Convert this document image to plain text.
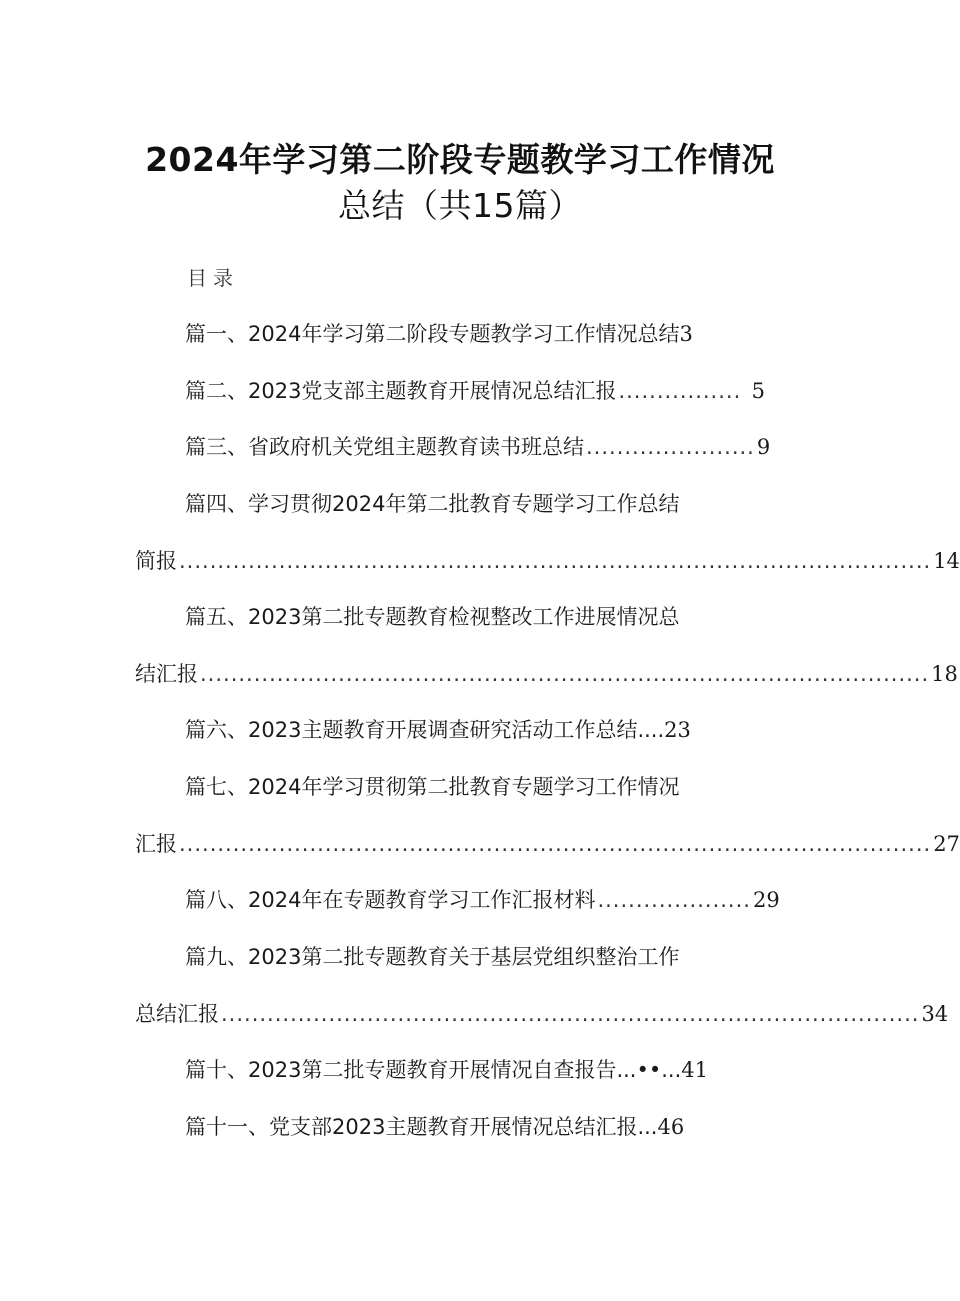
2024年学习第二阶段专题教学习工作情况
总结（共15篇）
目录
篇一、2024年学习第二阶段专题教学习工作情况总结 3
篇二、2023党支部主题教育开展情况总结汇报 ................ 5
篇三、省政府机关党组主题教育读书班总结 ...................... 9
篇四、学习贯彻2024年第二批教育专题学习工作总结
简报 .................................................................................................. 14
篇五、2023第二批专题教育检视整改工作进展情况总
结汇报 ............................................................................................... 18
篇六、2023主题教育开展调查研究活动工作总结 .... 23
篇七、2024年学习贯彻第二批教育专题学习工作情况
汇报 .................................................................................................. 27
篇八、2024年在专题教育学习工作汇报材料 .................... 29
篇九、2023第二批专题教育关于基层党组织整治工作
总结汇报 ........................................................................................... 34
篇十、2023第二批专题教育开展情况自查报告 ...••... 41
篇十一、党支部2023主题教育开展情况总结汇报 ... 46
